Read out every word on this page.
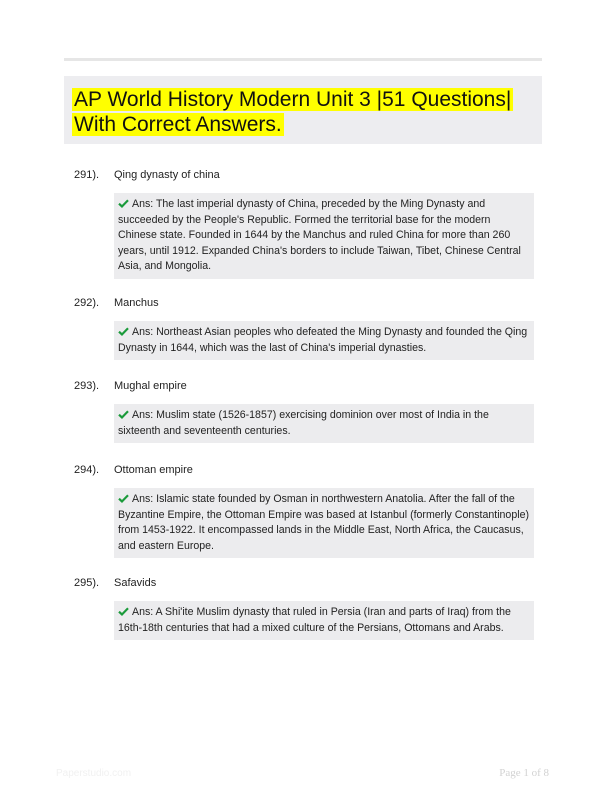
AP World History Modern Unit 3 |51 Questions| With Correct Answers.
291). Qing dynasty of china
Ans: The last imperial dynasty of China, preceded by the Ming Dynasty and succeeded by the People's Republic. Formed the territorial base for the modern Chinese state. Founded in 1644 by the Manchus and ruled China for more than 260 years, until 1912. Expanded China's borders to include Taiwan, Tibet, Chinese Central Asia, and Mongolia.
292). Manchus
Ans: Northeast Asian peoples who defeated the Ming Dynasty and founded the Qing Dynasty in 1644, which was the last of China's imperial dynasties.
293). Mughal empire
Ans: Muslim state (1526-1857) exercising dominion over most of India in the sixteenth and seventeenth centuries.
294). Ottoman empire
Ans: Islamic state founded by Osman in northwestern Anatolia. After the fall of the Byzantine Empire, the Ottoman Empire was based at Istanbul (formerly Constantinople) from 1453-1922. It encompassed lands in the Middle East, North Africa, the Caucasus, and eastern Europe.
295). Safavids
Ans: A Shi'ite Muslim dynasty that ruled in Persia (Iran and parts of Iraq) from the 16th-18th centuries that had a mixed culture of the Persians, Ottomans and Arabs.
Paperstudio.com	Page 1 of 8
